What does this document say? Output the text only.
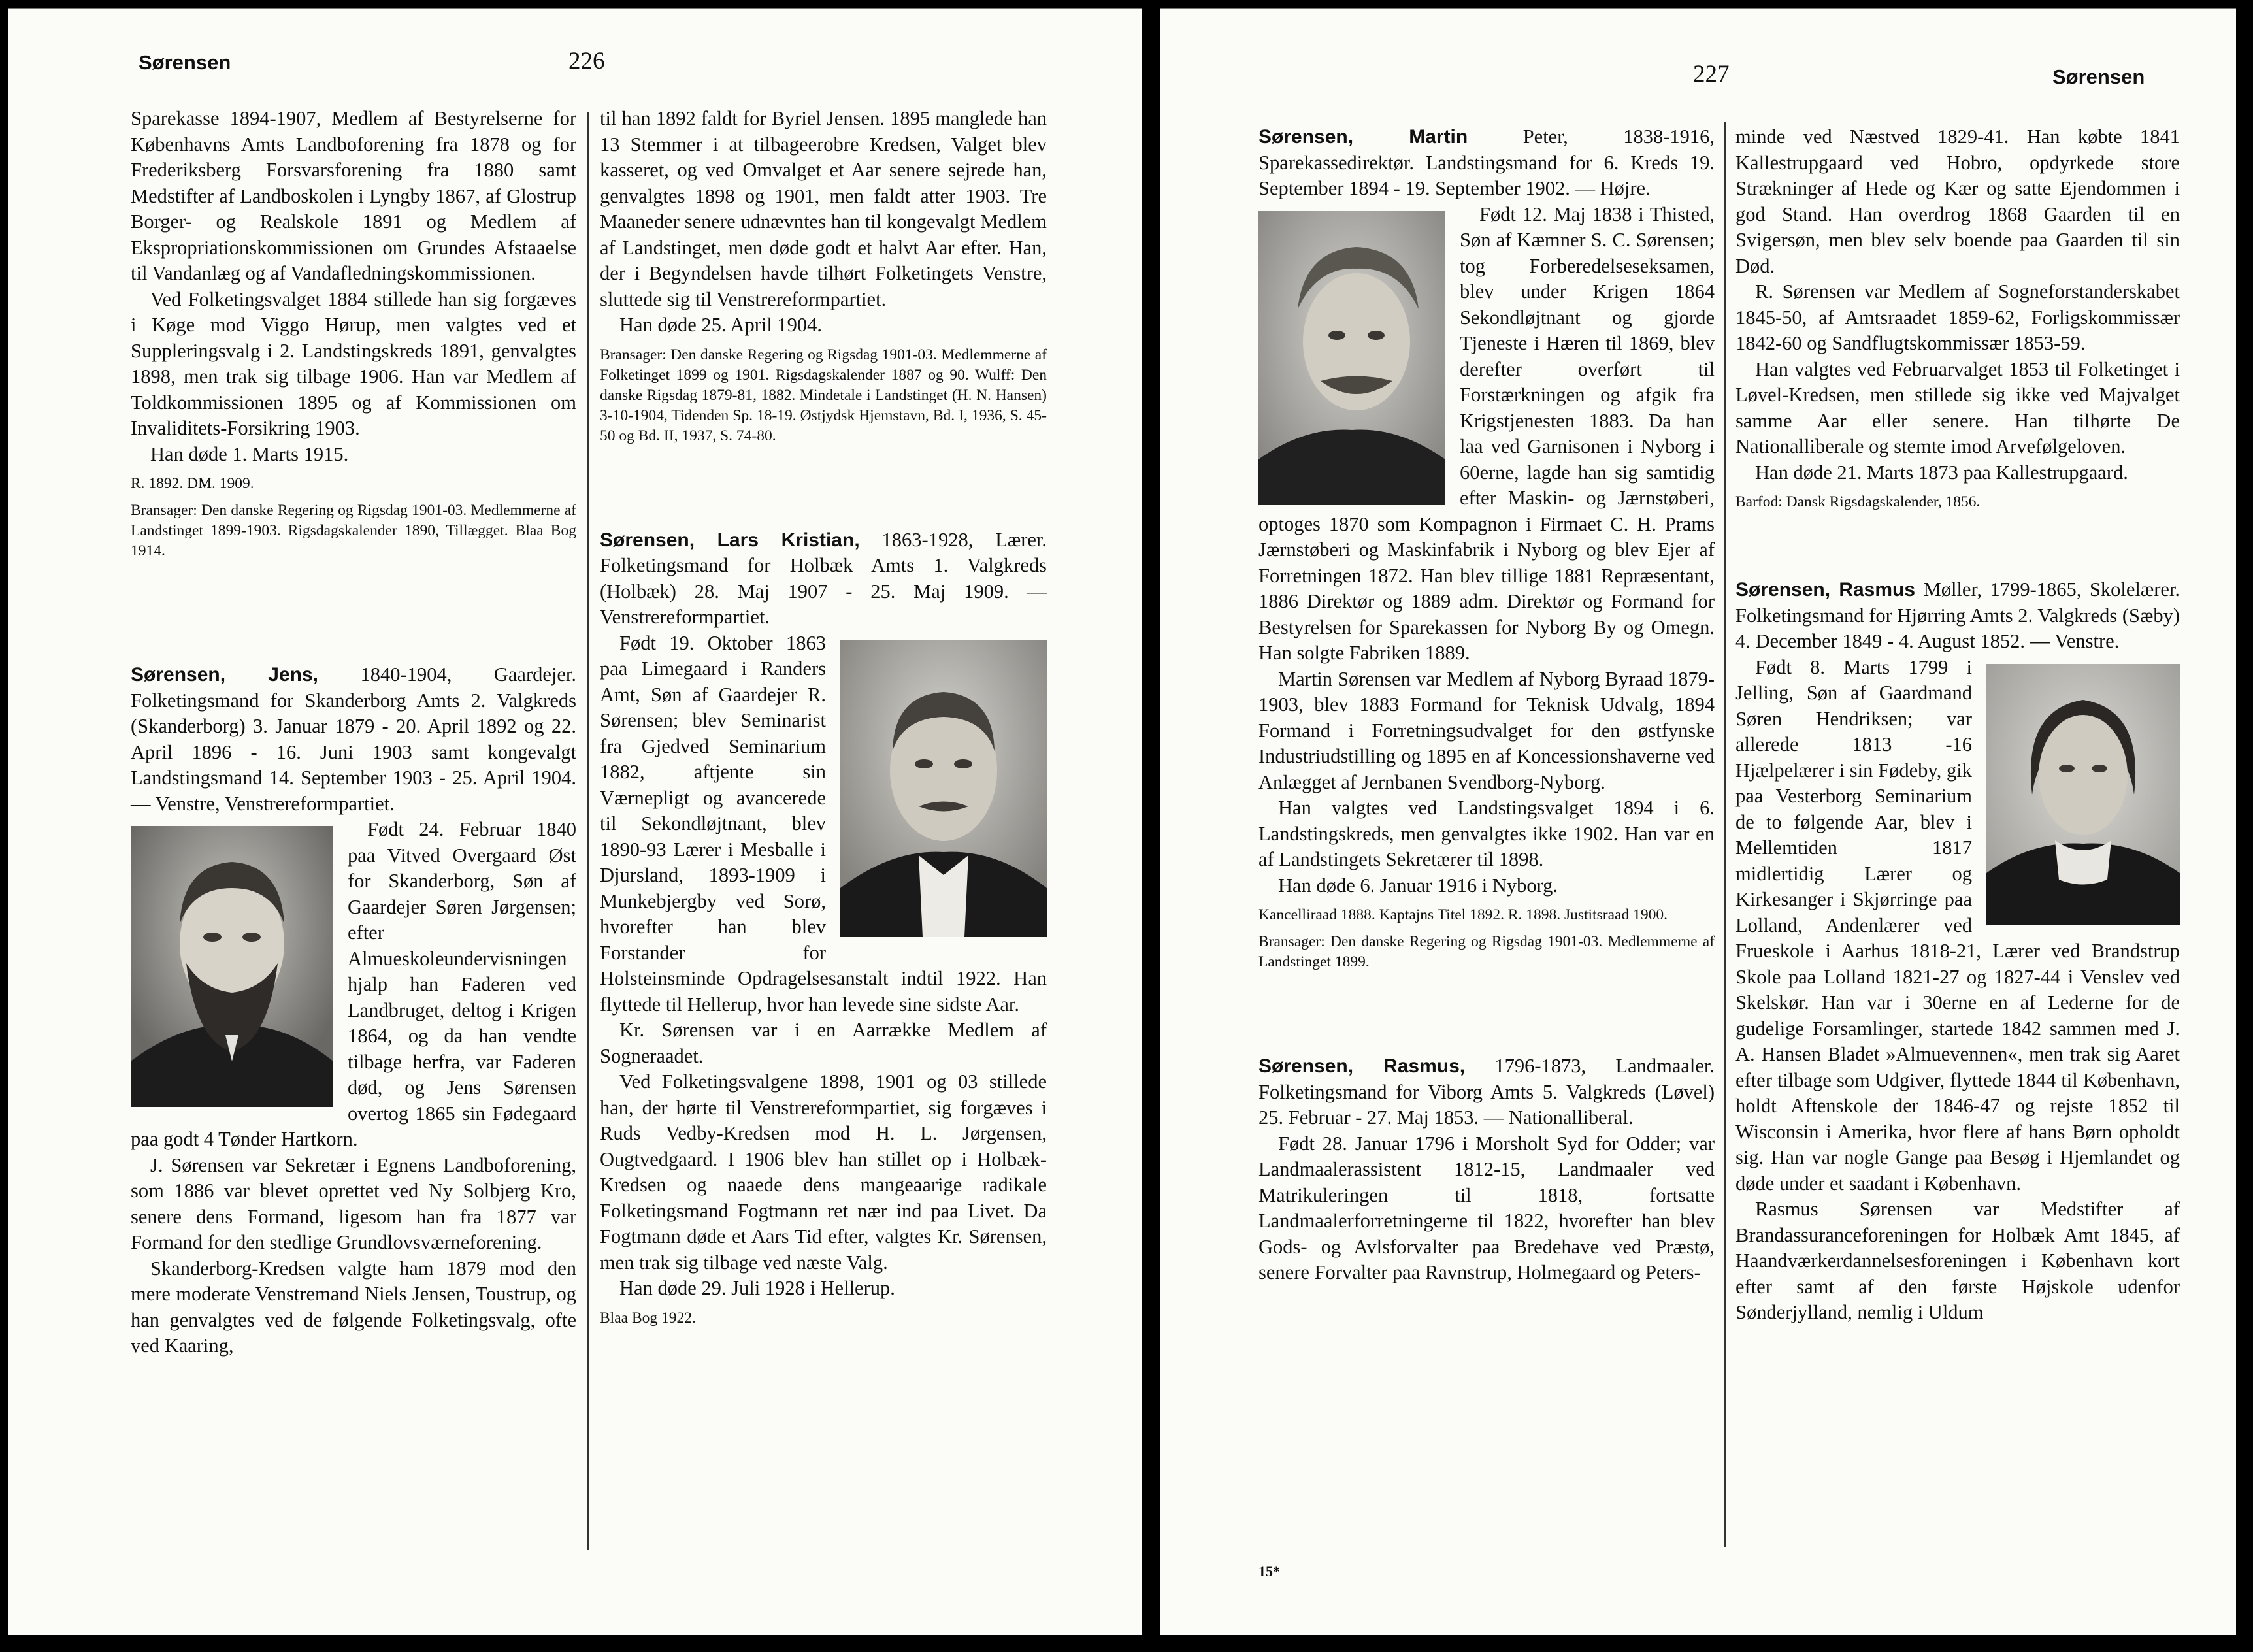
Sørensen	226

Sparekasse 1894-1907, Medlem af Bestyrelserne for Københavns Amts Landboforening fra 1878 og for Frederiksberg Forsvarsforening fra 1880 samt Medstifter af Landboskolen i Lyngby 1867, af Glostrup Borger- og Realskole 1891 og Medlem af Ekspropriationskommissionen om Grundes Afstaaelse til Vandanlæg og af Vandafledningskommissionen.

Ved Folketingsvalget 1884 stillede han sig forgæves i Køge mod Viggo Hørup, men valgtes ved et Suppleringsvalg i 2. Landstingskreds 1891, genvalgtes 1898, men trak sig tilbage 1906. Han var Medlem af Toldkommissionen 1895 og af Kommissionen om Invaliditets-Forsikring 1903.

Han døde 1. Marts 1915.

R. 1892. DM. 1909.

Bransager: Den danske Regering og Rigsdag 1901-03. Medlemmerne af Landstinget 1899-1903. Rigsdagskalender 1890, Tillægget. Blaa Bog 1914.

Sørensen, Jens, 1840-1904, Gaardejer. Folketingsmand for Skanderborg Amts 2. Valgkreds (Skanderborg) 3. Januar 1879 - 20. April 1892 og 22. April 1896 - 16. Juni 1903 samt kongevalgt Landstingsmand 14. September 1903 - 25. April 1904. — Venstre, Venstrereformpartiet.

Født 24. Februar 1840 paa Vitved Overgaard Øst for Skanderborg, Søn af Gaardejer Søren Jørgensen; efter Almueskoleundervisningen hjalp han Faderen ved Landbruget, deltog i Krigen 1864, og da han vendte tilbage herfra, var Faderen død, og Jens Sørensen overtog 1865 sin Fødegaard paa godt 4 Tønder Hartkorn.

J. Sørensen var Sekretær i Egnens Landboforening, som 1886 var blevet oprettet ved Ny Solbjerg Kro, senere dens Formand, ligesom han fra 1877 var Formand for den stedlige Grundlovsværneforening.

Skanderborg-Kredsen valgte ham 1879 mod den mere moderate Venstremand Niels Jensen, Toustrup, og han genvalgtes ved de følgende Folketingsvalg, ofte ved Kaaring,

til han 1892 faldt for Byriel Jensen. 1895 manglede han 13 Stemmer i at tilbageerobre Kredsen, Valget blev kasseret, og ved Omvalget et Aar senere sejrede han, genvalgtes 1898 og 1901, men faldt atter 1903. Tre Maaneder senere udnævntes han til kongevalgt Medlem af Landstinget, men døde godt et halvt Aar efter. Han, der i Begyndelsen havde tilhørt Folketingets Venstre, sluttede sig til Venstrereformpartiet.

Han døde 25. April 1904.

Bransager: Den danske Regering og Rigsdag 1901-03. Medlemmerne af Folketinget 1899 og 1901. Rigsdagskalender 1887 og 90. Wulff: Den danske Rigsdag 1879-81, 1882. Mindetale i Landstinget (H. N. Hansen) 3-10-1904, Tidenden Sp. 18-19. Østjydsk Hjemstavn, Bd. I, 1936, S. 45-50 og Bd. II, 1937, S. 74-80.

Sørensen, Lars Kristian, 1863-1928, Lærer. Folketingsmand for Holbæk Amts 1. Valgkreds (Holbæk) 28. Maj 1907 - 25. Maj 1909. — Venstrereformpartiet.

Født 19. Oktober 1863 paa Limegaard i Randers Amt, Søn af Gaardejer R. Sørensen; blev Seminarist fra Gjedved Seminarium 1882, aftjente sin Værnepligt og avancerede til Sekondløjtnant, blev 1890-93 Lærer i Mesballe i Djursland, 1893-1909 i Munkebjergby ved Sorø, hvorefter han blev Forstander for Holsteinsminde Opdragelsesanstalt indtil 1922. Han flyttede til Hellerup, hvor han levede sine sidste Aar.

Kr. Sørensen var i en Aarrække Medlem af Sogneraadet.

Ved Folketingsvalgene 1898, 1901 og 03 stillede han, der hørte til Venstrereformpartiet, sig forgæves i Ruds Vedby-Kredsen mod H. L. Jørgensen, Ougtvedgaard. I 1906 blev han stillet op i Holbæk-Kredsen og naaede dens mangeaarige radikale Folketingsmand Fogtmann ret nær ind paa Livet. Da Fogtmann døde et Aars Tid efter, valgtes Kr. Sørensen, men trak sig tilbage ved næste Valg.

Han døde 29. Juli 1928 i Hellerup.

Blaa Bog 1922.

227	Sørensen

Sørensen, Martin	Peter, 1838-1916, Sparekassedirektør. Landstingsmand for 6. Kreds 19. September 1894 - 19. September 1902. — Højre.

Født 12. Maj 1838 i Thisted, Søn af Kæmner S. C. Sørensen; tog Forberedelseseksamen, blev under Krigen 1864 Sekondløjtnant og gjorde Tjeneste i Hæren til 1869, blev derefter overført til Forstærkningen og afgik fra Krigstjenesten 1883. Da han laa ved Garnisonen i Nyborg i 60erne, lagde han sig samtidig efter Maskin- og Jærnstøberi, optoges 1870 som Kompagnon i Firmaet C. H. Prams Jærnstøberi og Maskinfabrik i Nyborg og blev Ejer af Forretningen 1872. Han blev tillige 1881 Repræsentant, 1886 Direktør og 1889 adm. Direktør og Formand for Bestyrelsen for Sparekassen for Nyborg By og Omegn. Han solgte Fabriken 1889.

Martin Sørensen var Medlem af Nyborg Byraad 1879-1903, blev 1883 Formand for Teknisk Udvalg, 1894 Formand i Forretningsudvalget for den østfynske Industriudstilling og 1895 en af Koncessionshaverne ved Anlægget af Jernbanen Svendborg-Nyborg.

Han valgtes ved Landstingsvalget 1894 i 6. Landstingskreds, men genvalgtes ikke 1902. Han var en af Landstingets Sekretærer til 1898.

Han døde 6. Januar 1916 i Nyborg.

Kancelliraad 1888. Kaptajns Titel 1892. R. 1898. Justitsraad 1900.

Bransager: Den danske Regering og Rigsdag 1901-03. Medlemmerne af Landstinget 1899.

Sørensen, Rasmus, 1796-1873, Landmaaler. Folketingsmand for Viborg Amts 5. Valgkreds (Løvel) 25. Februar - 27. Maj 1853. — Nationalliberal.

Født 28. Januar 1796 i Morsholt Syd for Odder; var Landmaalerassistent 1812-15, Landmaaler ved Matrikuleringen til 1818, fortsatte Landmaalerforretningerne til 1822, hvorefter han blev Gods- og Avlsforvalter paa Bredehave ved Præstø, senere Forvalter paa Ravnstrup, Holmegaard og Peters-

minde ved Næstved 1829-41. Han købte 1841 Kallestrupgaard ved Hobro, opdyrkede store Strækninger af Hede og Kær og satte Ejendommen i god Stand. Han overdrog 1868 Gaarden til en Svigersøn, men blev selv boende paa Gaarden til sin Død.

R. Sørensen var Medlem af Sogneforstanderskabet 1845-50, af Amtsraadet 1859-62, Forligskommissær 1842-60 og Sandflugtskommissær 1853-59.

Han valgtes ved Februarvalget 1853 til Folketinget i Løvel-Kredsen, men stillede sig ikke ved Majvalget samme Aar eller senere. Han tilhørte De Nationalliberale og stemte imod Arvefølgeloven.

Han døde 21. Marts 1873 paa Kallestrupgaard.

Barfod: Dansk Rigsdagskalender, 1856.

Sørensen, Rasmus Møller, 1799-1865, Skolelærer. Folketingsmand for Hjørring Amts 2. Valgkreds (Sæby) 4. December 1849 - 4. August 1852. — Venstre.

Født 8. Marts 1799 i Jelling, Søn af Gaardmand Søren Hendriksen; var allerede 1813 -16 Hjælpelærer i sin Fødeby, gik paa Vesterborg Seminarium de to følgende Aar, blev i Mellemtiden 1817 midlertidig Lærer og Kirkesanger i Skjørringe paa Lolland, Andenlærer ved Frueskole i Aarhus 1818-21, Lærer ved Brandstrup Skole paa Lolland 1821-27 og 1827-44 i Venslev ved Skelskør. Han var i 30erne en af Lederne for de gudelige Forsamlinger, startede 1842 sammen med J. A. Hansen Bladet »Almuevennen«, men trak sig Aaret efter tilbage som Udgiver, flyttede 1844 til København, holdt Aftenskole der 1846-47 og rejste 1852 til Wisconsin i Amerika, hvor flere af hans Børn opholdt sig. Han var nogle Gange paa Besøg i Hjemlandet og døde under et saadant i København.

Rasmus Sørensen var Medstifter af Brandassuranceforeningen for Holbæk Amt 1845, af Haandværkerdannelsesforeningen i København kort efter samt af den første Højskole udenfor Sønderjylland, nemlig i Uldum

15*
